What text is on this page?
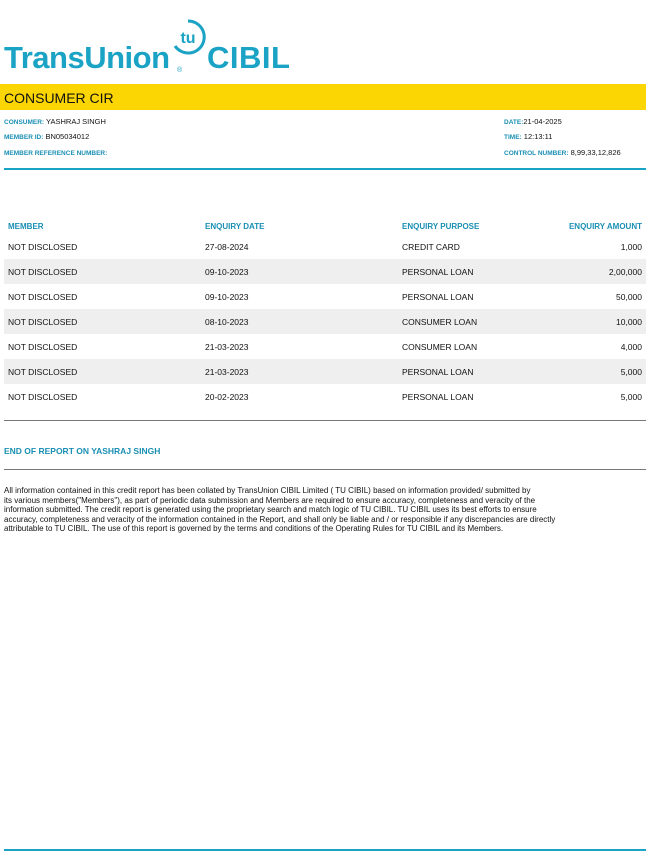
TransUnion
tu
® CIBIL
CONSUMER CIR
CONSUMER: YASHRAJ SINGH
MEMBER ID: BN05034012
MEMBER REFERENCE NUMBER:
DATE:21-04-2025
TIME: 12:13:11
CONTROL NUMBER: 8,99,33,12,826
MEMBER	ENQUIRY DATE	ENQUIRY PURPOSE	ENQUIRY AMOUNT
NOT DISCLOSED	27-08-2024	CREDIT CARD	1,000
NOT DISCLOSED	09-10-2023	PERSONAL LOAN	2,00,000
NOT DISCLOSED	09-10-2023	PERSONAL LOAN	50,000
NOT DISCLOSED	08-10-2023	CONSUMER LOAN	10,000
NOT DISCLOSED	21-03-2023	CONSUMER LOAN	4,000
NOT DISCLOSED	21-03-2023	PERSONAL LOAN	5,000
NOT DISCLOSED	20-02-2023	PERSONAL LOAN	5,000
END OF REPORT ON YASHRAJ SINGH
All information contained in this credit report has been collated by TransUnion CIBIL Limited ( TU CIBIL) based on information provided/ submitted by
its various members("Members"), as part of periodic data submission and Members are required to ensure accuracy, completeness and veracity of the
information submitted. The credit report is generated using the proprietary search and match logic of TU CIBIL. TU CIBIL uses its best efforts to ensure
accuracy, completeness and veracity of the information contained in the Report, and shall only be liable and / or responsible if any discrepancies are directly
attributable to TU CIBIL. The use of this report is governed by the terms and conditions of the Operating Rules for TU CIBIL and its Members.
